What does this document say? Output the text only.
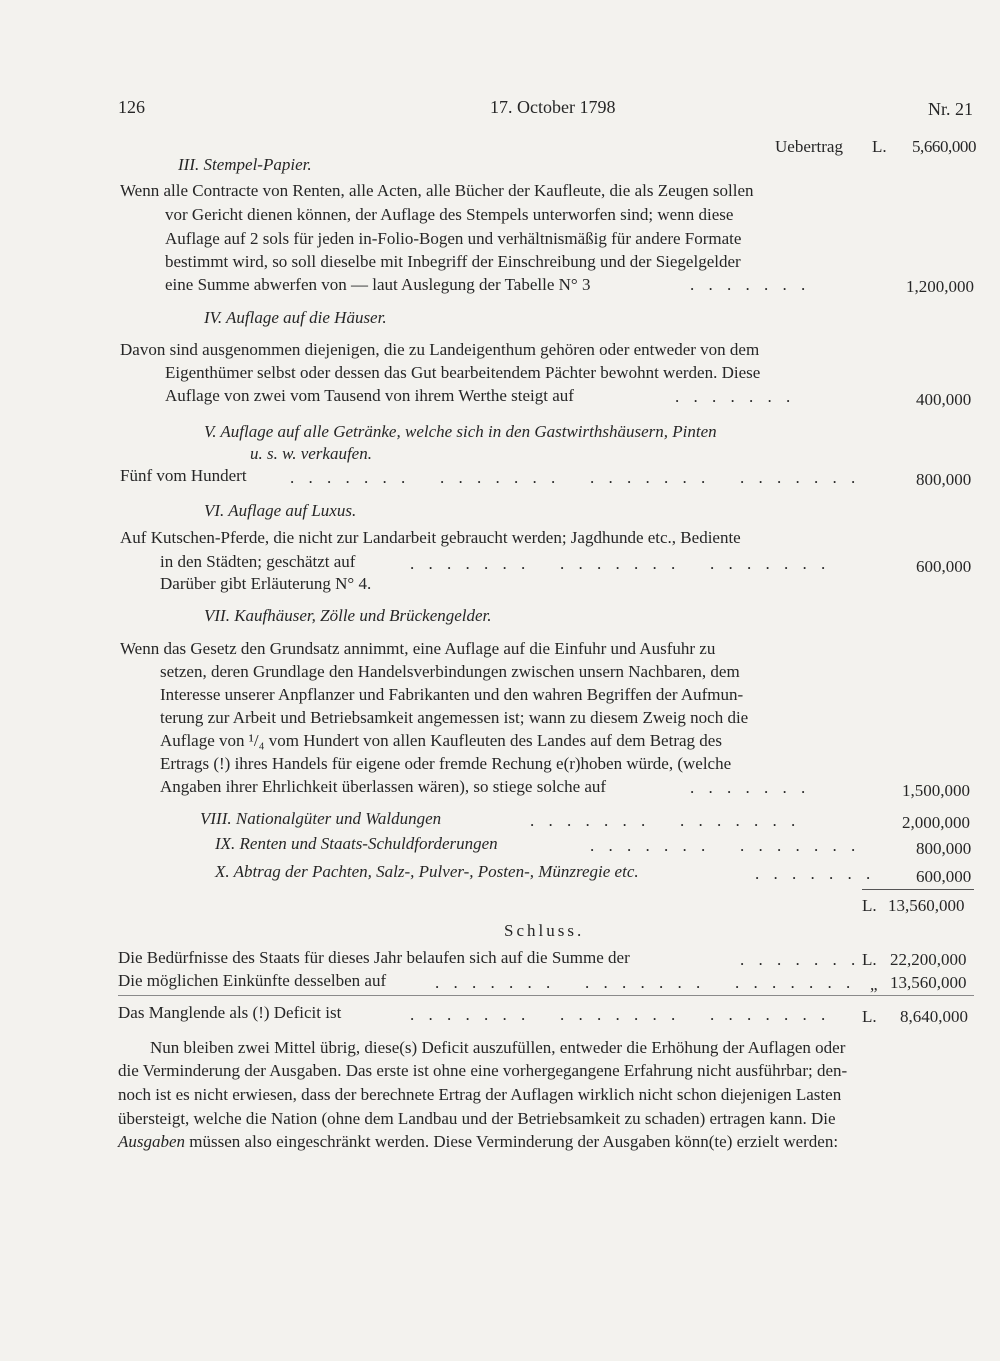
126	17. October 1798	Nr. 21
Uebertrag L. 5,660,000
III. Stempel-Papier.
Wenn alle Contracte von Renten, alle Acten, alle Bücher der Kaufleute, die als Zeugen sollen
vor Gericht dienen können, der Auflage des Stempels unterworfen sind; wenn diese
Auflage auf 2 sols für jeden in-Folio-Bogen und verhältnismäßig für andere Formate
bestimmt wird, so soll dieselbe mit Inbegriff der Einschreibung und der Siegelgelder
eine Summe abwerfen von — laut Auslegung der Tabelle N° 3	. . . . . . .	1,200,000
IV. Auflage auf die Häuser.
Davon sind ausgenommen diejenigen, die zu Landeigenthum gehören oder entweder von dem
Eigenthümer selbst oder dessen das Gut bearbeitendem Pächter bewohnt werden. Diese
Auflage von zwei vom Tausend von ihrem Werthe steigt auf	. . . . . . .	400,000
V. Auflage auf alle Getränke, welche sich in den Gastwirthshäusern, Pinten
u. s. w. verkaufen.
Fünf vom Hundert	. . . . . . . . . . . . . . . . . . . . . . . . . . . .	800,000
VI. Auflage auf Luxus.
Auf Kutschen-Pferde, die nicht zur Landarbeit gebraucht werden; Jagdhunde etc., Bediente
in den Städten; geschätzt auf	. . . . . . . . . . . . . . . . . . . . .	600,000
Darüber gibt Erläuterung N° 4.
VII. Kaufhäuser, Zölle und Brückengelder.
Wenn das Gesetz den Grundsatz annimmt, eine Auflage auf die Einfuhr und Ausfuhr zu
setzen, deren Grundlage den Handelsverbindungen zwischen unsern Nachbaren, dem
Interesse unserer Anpflanzer und Fabrikanten und den wahren Begriffen der Aufmun-
terung zur Arbeit und Betriebsamkeit angemessen ist; wann zu diesem Zweig noch die
Auflage von ¹/₄ vom Hundert von allen Kaufleuten des Landes auf dem Betrag des
Ertrags (!) ihres Handels für eigene oder fremde Rechung e(r)hoben würde, (welche
Angaben ihrer Ehrlichkeit überlassen wären), so stiege solche auf	. . . . . . .	1,500,000
VIII. Nationalgüter und Waldungen	. . . . . . . . . . . . . .	2,000,000
IX. Renten und Staats-Schuldforderungen	. . . . . . . . . . . . . .	800,000
X. Abtrag der Pachten, Salz-, Pulver-, Posten-, Münzregie etc.	. . . . . . . 600,000
L. 13,560,000
Schluss.
Die Bedürfnisse des Staats für dieses Jahr belaufen sich auf die Summe der	. . . . . . . L. 22,200,000
Die möglichen Einkünfte desselben auf	. . . . . . . . . . . . . . . . . . . . . „ 13,560,000
Das Manglende als (!) Deficit ist	. . . . . . . . . . . . . . . . . . . . . L. 8,640,000
Nun bleiben zwei Mittel übrig, diese(s) Deficit auszufüllen, entweder die Erhöhung der Auflagen oder
die Verminderung der Ausgaben. Das erste ist ohne eine vorhergegangene Erfahrung nicht ausführbar; den-
noch ist es nicht erwiesen, dass der berechnete Ertrag der Auflagen wirklich nicht schon diejenigen Lasten
übersteigt, welche die Nation (ohne dem Landbau und der Betriebsamkeit zu schaden) ertragen kann. Die
Ausgaben müssen also eingeschränkt werden. Diese Verminderung der Ausgaben könn(te) erzielt werden:
